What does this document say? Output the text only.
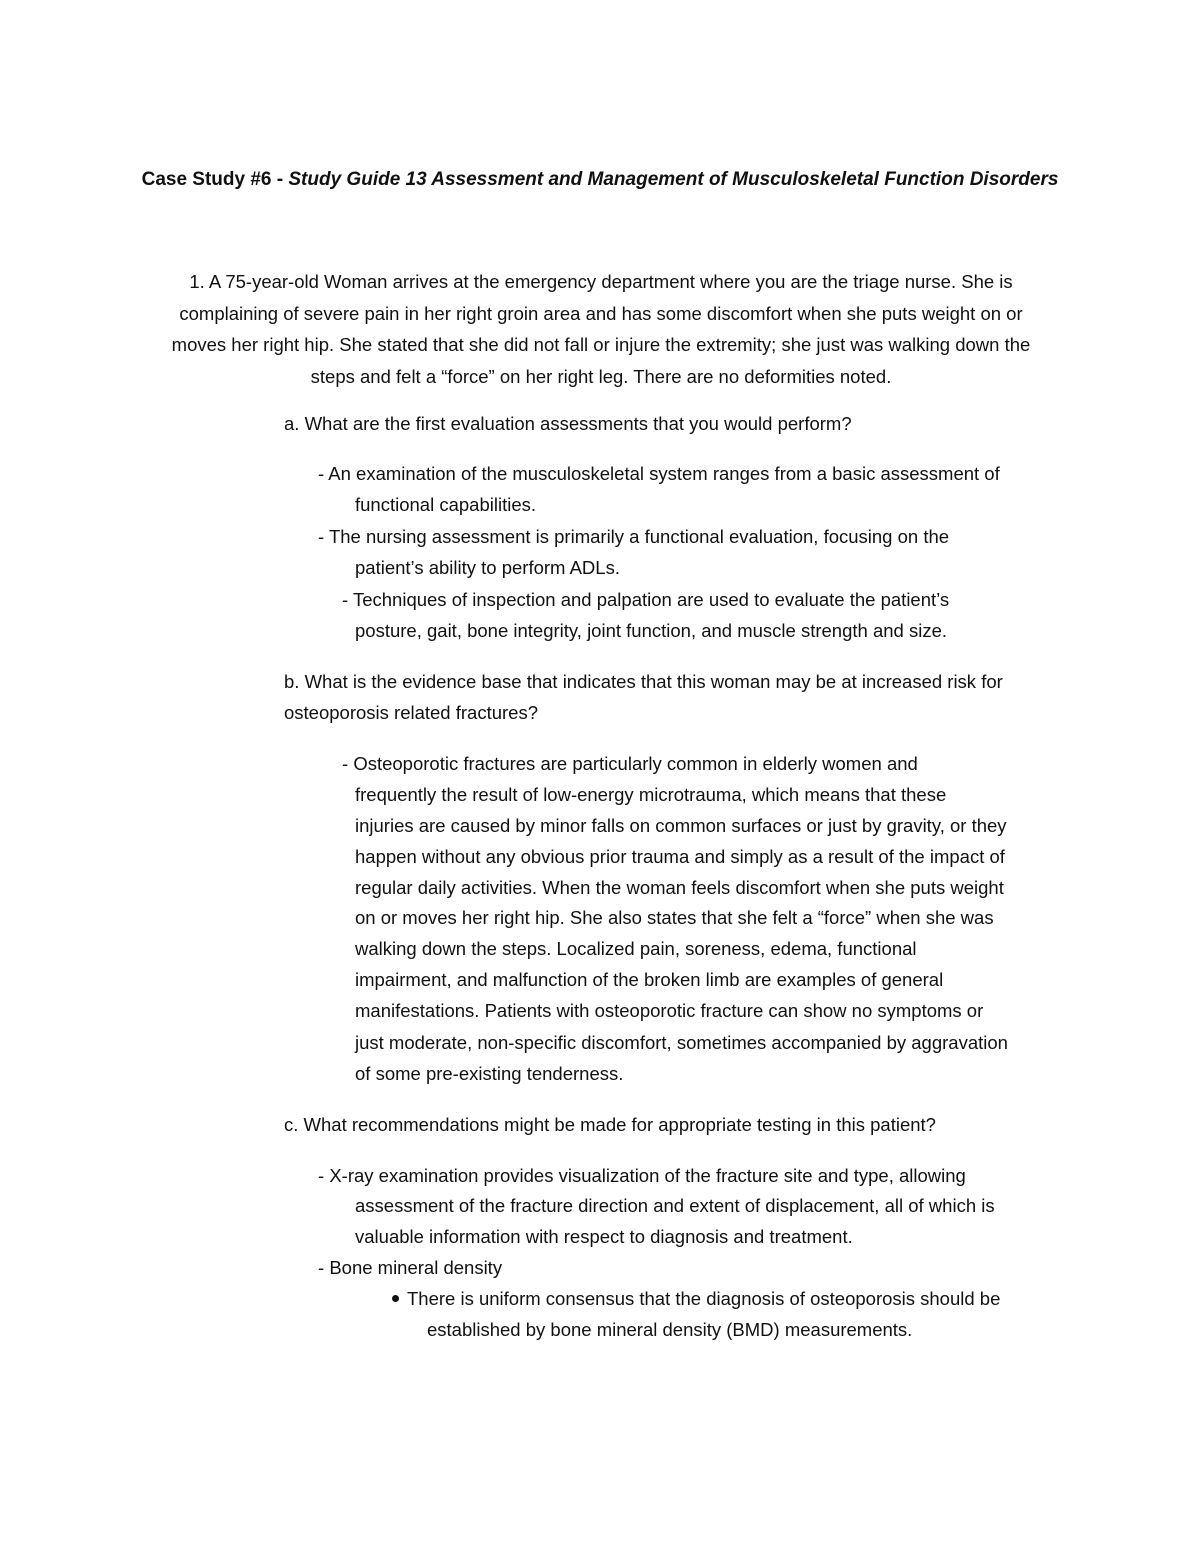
Case Study #6 - Study Guide 13 Assessment and Management of Musculoskeletal Function Disorders
1. A 75-year-old Woman arrives at the emergency department where you are the triage nurse. She is complaining of severe pain in her right groin area and has some discomfort when she puts weight on or moves her right hip. She stated that she did not fall or injure the extremity; she just was walking down the steps and felt a “force” on her right leg. There are no deformities noted.
a. What are the first evaluation assessments that you would perform?
- An examination of the musculoskeletal system ranges from a basic assessment of
functional capabilities.
- The nursing assessment is primarily a functional evaluation, focusing on the
patient’s ability to perform ADLs.
- Techniques of inspection and palpation are used to evaluate the patient’s
posture, gait, bone integrity, joint function, and muscle strength and size.
b. What is the evidence base that indicates that this woman may be at increased risk for
osteoporosis related fractures?
- Osteoporotic fractures are particularly common in elderly women and
frequently the result of low-energy microtrauma, which means that these
injuries are caused by minor falls on common surfaces or just by gravity, or they
happen without any obvious prior trauma and simply as a result of the impact of
regular daily activities. When the woman feels discomfort when she puts weight
on or moves her right hip. She also states that she felt a “force” when she was
walking down the steps. Localized pain, soreness, edema, functional
impairment, and malfunction of the broken limb are examples of general
manifestations. Patients with osteoporotic fracture can show no symptoms or
just moderate, non-specific discomfort, sometimes accompanied by aggravation
of some pre-existing tenderness.
c. What recommendations might be made for appropriate testing in this patient?
- X-ray examination provides visualization of the fracture site and type, allowing
assessment of the fracture direction and extent of displacement, all of which is
valuable information with respect to diagnosis and treatment.
- Bone mineral density
There is uniform consensus that the diagnosis of osteoporosis should be
established by bone mineral density (BMD) measurements.
